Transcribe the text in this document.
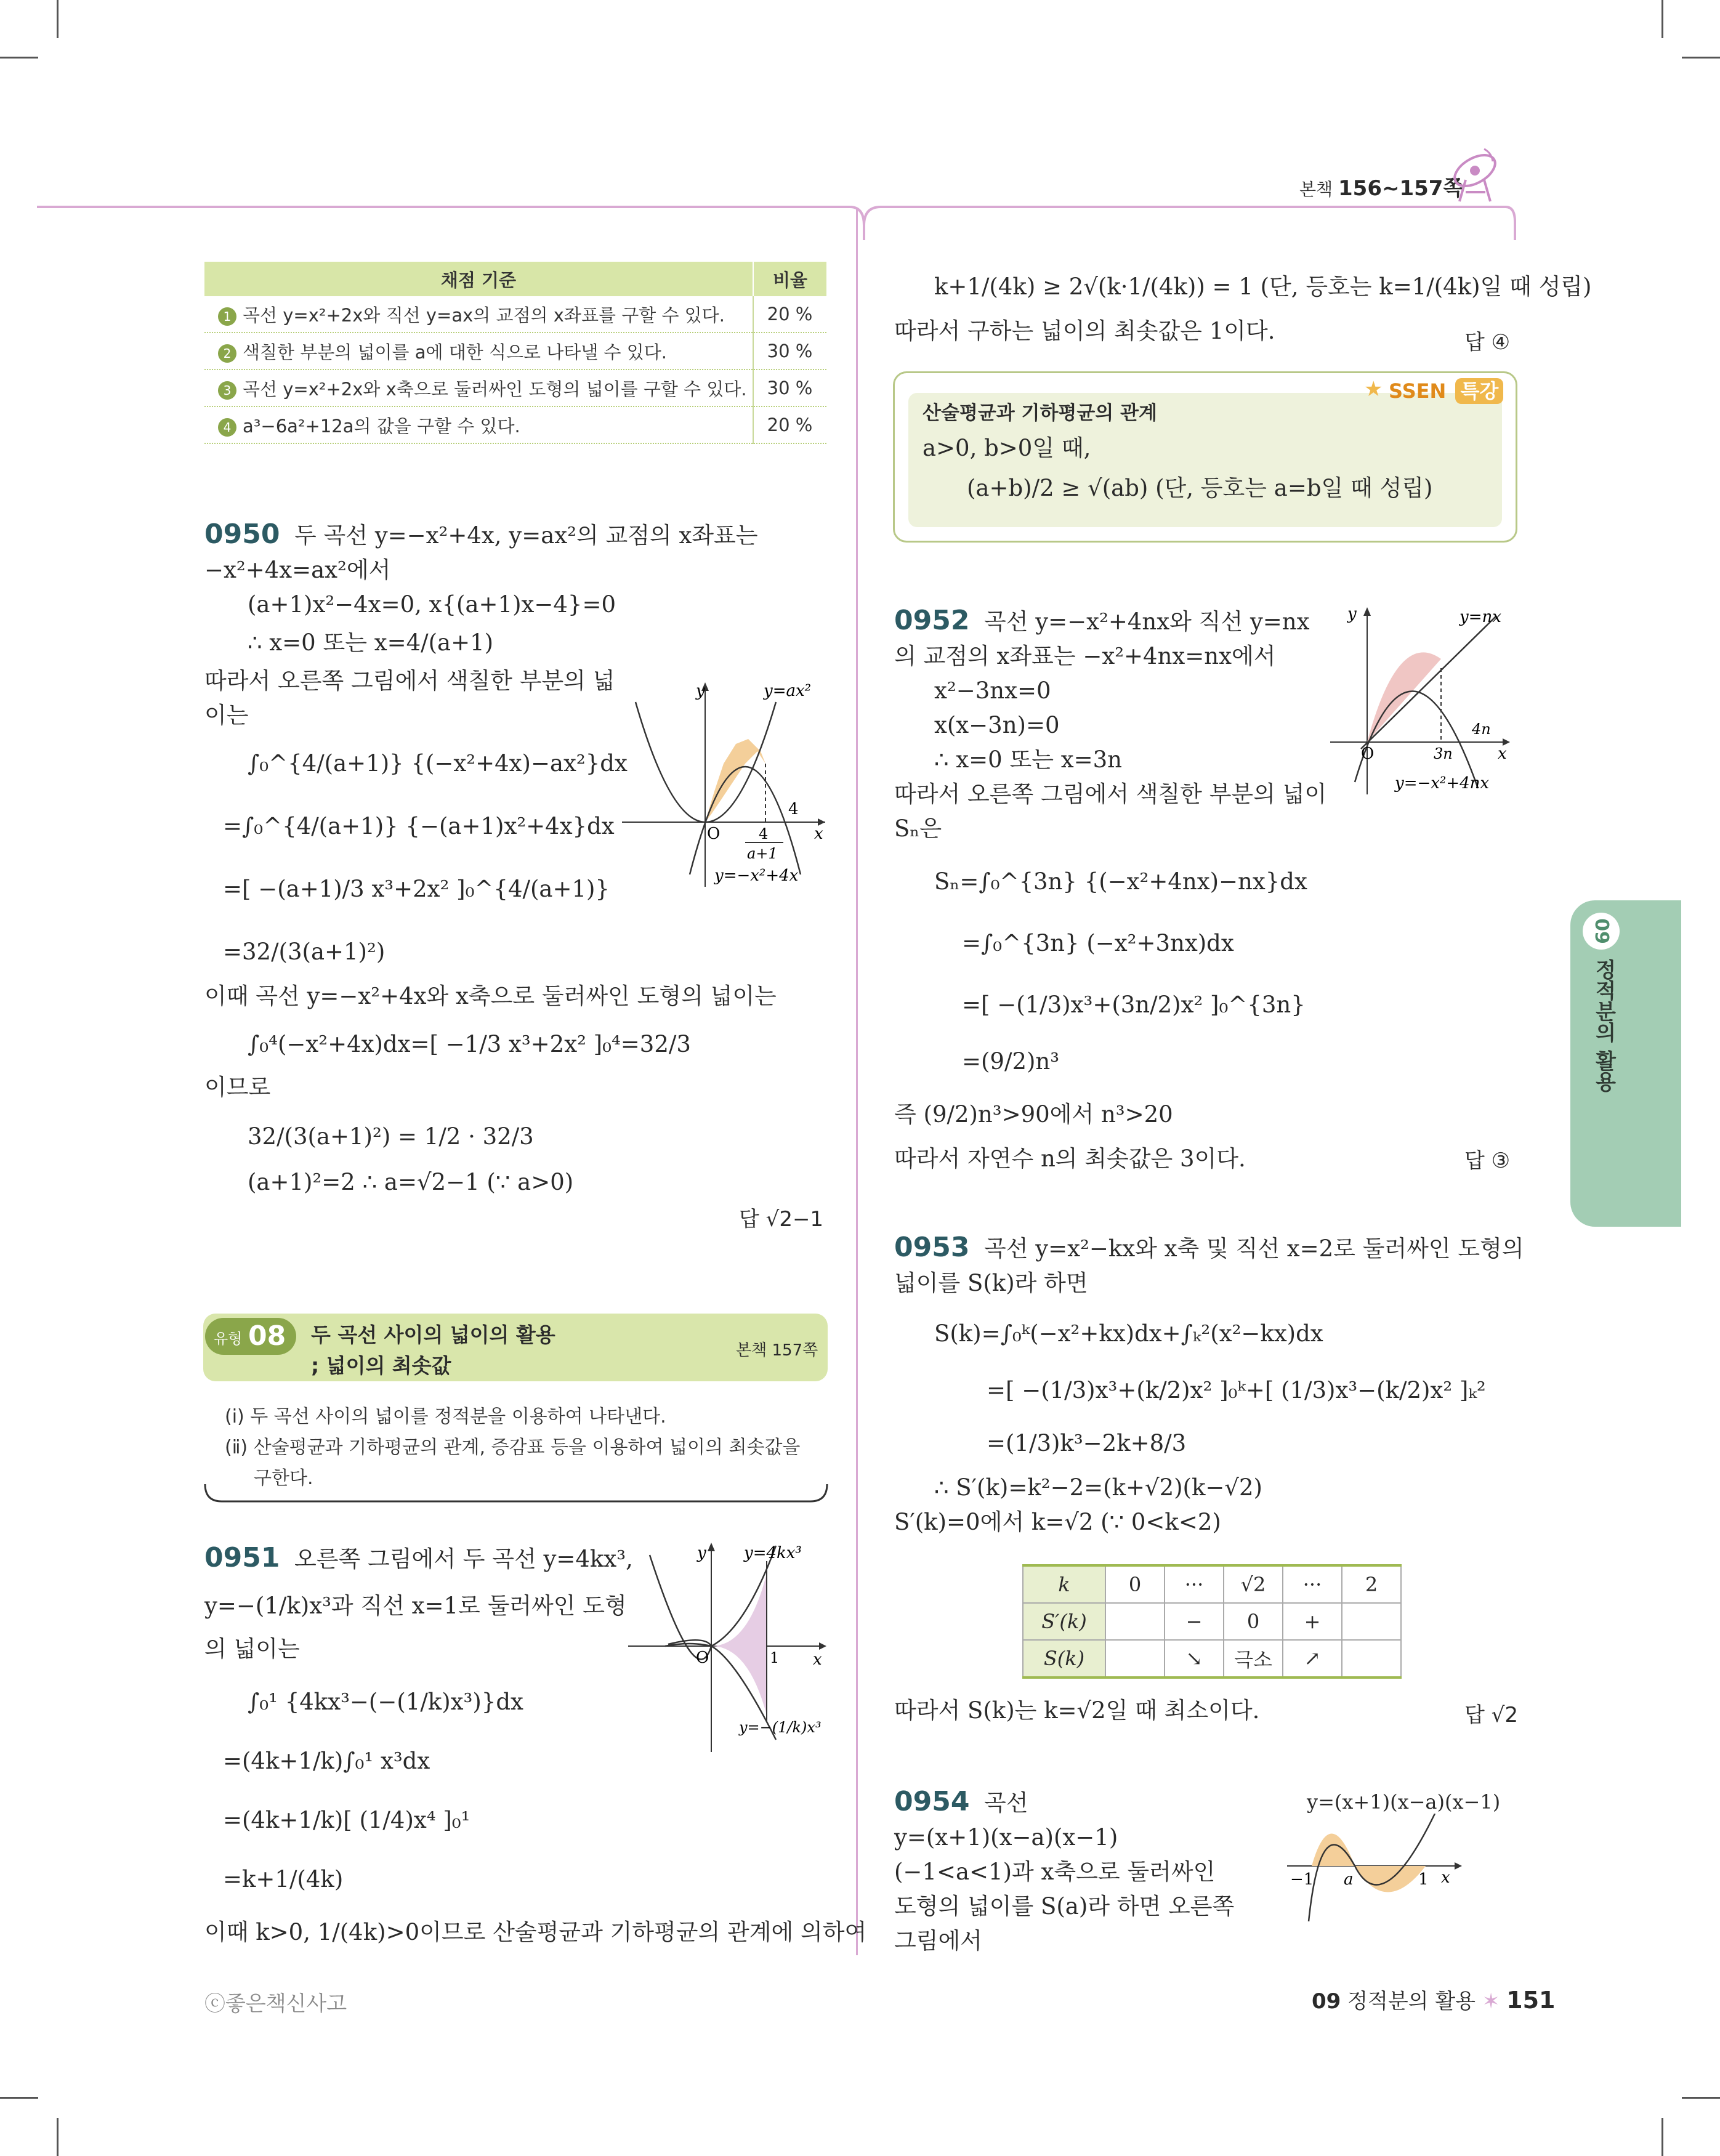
본책 156~157쪽
채점 기준	비율
1 곡선 y=x²+2x와 직선 y=ax의 교점의 x좌표를 구할 수 있다.	20 %
2 색칠한 부분의 넓이를 a에 대한 식으로 나타낼 수 있다.	30 %
3 곡선 y=x²+2x와 x축으로 둘러싸인 도형의 넓이를 구할 수 있다.	30 %
4 a³−6a²+12a의 값을 구할 수 있다.	20 %
0950 두 곡선 y=−x²+4x, y=ax²의 교점의 x좌표는
−x²+4x=ax²에서
(a+1)x²−4x=0, x{(a+1)x−4}=0
∴ x=0 또는 x=4/(a+1)
따라서 오른쪽 그림에서 색칠한 부분의 넓
이는
∫₀^{4/(a+1)} {(−x²+4x)−ax²}dx
=∫₀^{4/(a+1)} {−(a+1)x²+4x}dx
=[ −(a+1)/3 x³+2x² ]₀^{4/(a+1)}
=32/(3(a+1)²)
이때 곡선 y=−x²+4x와 x축으로 둘러싸인 도형의 넓이는
∫₀⁴(−x²+4x)dx=[ −1/3 x³+2x² ]₀⁴=32/3
이므로
32/(3(a+1)²) = 1/2 · 32/3
(a+1)²=2 ∴ a=√2−1 (∵ a>0)
답 √2−1
y
x
O
y=ax²
4
4
a+1
y=−x²+4x
유형 08 두 곡선 사이의 넓이의 활용
; 넓이의 최솟값
본책 157쪽
(ⅰ) 두 곡선 사이의 넓이를 정적분을 이용하여 나타낸다.
(ⅱ) 산술평균과 기하평균의 관계, 증감표 등을 이용하여 넓이의 최솟값을
구한다.
0951 오른쪽 그림에서 두 곡선 y=4kx³,
y=−(1/k)x³과 직선 x=1로 둘러싸인 도형
의 넓이는
∫₀¹ {4kx³−(−(1/k)x³)}dx
=(4k+1/k)∫₀¹ x³dx
=(4k+1/k)[ (1/4)x⁴ ]₀¹
=k+1/(4k)
이때 k>0, 1/(4k)>0이므로 산술평균과 기하평균의 관계에 의하여
y
x
O	1
y=4kx³
y=−(1/k)x³
k+1/(4k) ≥ 2√(k·1/(4k)) = 1 (단, 등호는 k=1/(4k)일 때 성립)
따라서 구하는 넓이의 최솟값은 1이다.	답 ④
SSEN 특강
★
산술평균과 기하평균의 관계
a>0, b>0일 때,
(a+b)/2 ≥ √(ab) (단, 등호는 a=b일 때 성립)
0952 곡선 y=−x²+4nx와 직선 y=nx
의 교점의 x좌표는 −x²+4nx=nx에서
x²−3nx=0
x(x−3n)=0
∴ x=0 또는 x=3n
따라서 오른쪽 그림에서 색칠한 부분의 넓이
Sₙ은
Sₙ=∫₀^{3n} {(−x²+4nx)−nx}dx
=∫₀^{3n} (−x²+3nx)dx
=[ −(1/3)x³+(3n/2)x² ]₀^{3n}
=(9/2)n³
즉 (9/2)n³>90에서 n³>20
따라서 자연수 n의 최솟값은 3이다.	답 ③
y
x
O	3n
4n
y=nx
y=−x²+4nx
0953 곡선 y=x²−kx와 x축 및 직선 x=2로 둘러싸인 도형의
넓이를 S(k)라 하면
S(k)=∫₀ᵏ(−x²+kx)dx+∫ₖ²(x²−kx)dx
=[ −(1/3)x³+(k/2)x² ]₀ᵏ+[ (1/3)x³−(k/2)x² ]ₖ²
=(1/3)k³−2k+8/3
∴ S′(k)=k²−2=(k+√2)(k−√2)
S′(k)=0에서 k=√2 (∵ 0<k<2)
k	0	···	√2	···	2
S′(k)		−	0	+	
S(k)		↘	극소	↗	
따라서 S(k)는 k=√2일 때 최소이다.	답 √2
0954 곡선
y=(x+1)(x−a)(x−1)
(−1<a<1)과 x축으로 둘러싸인
도형의 넓이를 S(a)라 하면 오른쪽
그림에서
y=(x+1)(x−a)(x−1)
−1 a	1 x
09
정적분의 활용
ⓒ좋은책신사고	09 정적분의 활용 ✶ 151
